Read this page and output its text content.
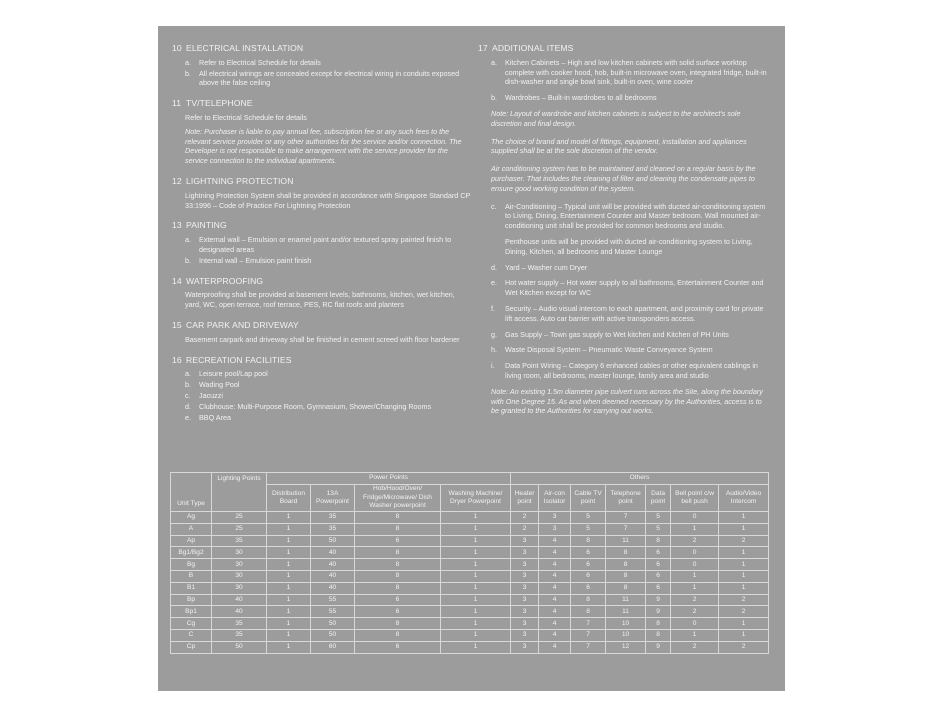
10 ELECTRICAL INSTALLATION
a.	Refer to Electrical Schedule for details
b.	All electrical wirings are concealed except for electrical wiring in conduits exposed above the false ceiling
11 TV/TELEPHONE
Refer to Electrical Schedule for details
Note: Purchaser is liable to pay annual fee, subscription fee or any such fees to the relevant service provider or any other authorities for the service and/or connection. The Developer is not responsible to make arrangement with the service provider for the service connection to the individual apartments.
12 LIGHTNING PROTECTION
Lightning Protection System shall be provided in accordance with Singapore Standard CP 33:1996 – Code of Practice For Lightning Protection
13 PAINTING
a.	External wall – Emulsion or enamel paint and/or textured spray painted finish to designated areas
b.	Internal wall – Emulsion paint finish
14 WATERPROOFING
Waterproofing shall be provided at basement levels, bathrooms, kitchen, wet kitchen, yard, WC, open terrace, roof terrace, PES, RC flat roofs and planters
15 CAR PARK AND DRIVEWAY
Basement carpark and driveway shall be finished in cement screed with floor hardener
16 RECREATION FACILITIES
a.	Leisure pool/Lap pool
b.	Wading Pool
c.	Jacuzzi
d.	Clubhouse: Multi-Purpose Room, Gymnasium, Shower/Changing Rooms
e.	BBQ Area
17 ADDITIONAL ITEMS
a.	Kitchen Cabinets – High and low kitchen cabinets with solid surface worktop complete with cooker hood, hob, built-in microwave oven, integrated fridge, built-in dish-washer and single bowl sink, built-in oven, wine cooler
b.	Wardrobes – Built-in wardrobes to all bedrooms
Note: Layout of wardrobe and kitchen cabinets is subject to the architect's sole discretion and final design.
The choice of brand and model of fittings, equipment, installation and appliances supplied shall be at the sole discretion of the vendor.
Air conditioning system has to be maintained and cleaned on a regular basis by the purchaser. That includes the cleaning of filter and cleaning the condensate pipes to ensure good working condition of the system.
c.	Air-Conditioning – Typical unit will be provided with ducted air-conditioning system to Living, Dining, Entertainment Counter and Master bedroom. Wall mounted air-conditioning unit shall be provided for common bedrooms and studio.
Penthouse units will be provided with ducted air-conditioning system to Living, Dining, Kitchen, all bedrooms and Master Lounge
d.	Yard – Washer cum Dryer
e.	Hot water supply – Hot water supply to all bathrooms, Entertainment Counter and Wet Kitchen except for WC
f.	Security – Audio visual intercom to each apartment, and proximity card for private lift access. Auto car barrier with active transponders access.
g.	Gas Supply – Town gas supply to Wet kitchen and Kitchen of PH Units
h.	Waste Disposal System – Pneumatic Waste Conveyance System
i.	Data Point Wiring – Category 6 enhanced cables or other equivalent cablings in living room, all bedrooms, master lounge, family area and studio
Note: An existing 1.5m diameter pipe culvert runs across the Site, along the boundary with One Degree 15. As and when deemed necessary by the Authorities, access is to be granted to the Authorities for carrying out works.
Unit Type	Lighting Points	Power Points				Others						
		Distribution Board	13A Powerpoint	Hob/Hood/Oven/ Fridge/Microwave/ Dish Washer powerpoint	Washing Machine/ Dryer Powerpoint	Heater point	Air-con Isolator	Cable TV point	Telephone point	Data point	Bell point c/w bell push	Audio/Video Intercom
Ag	25	1	35	8	1	2	3	5	7	5	0	1
A	25	1	35	8	1	2	3	5	7	5	1	1
Ap	35	1	50	6	1	3	4	8	11	8	2	2
Bg1/Bg2	30	1	40	8	1	3	4	6	8	6	0	1
Bg	30	1	40	8	1	3	4	6	8	6	0	1
B	30	1	40	8	1	3	4	6	8	6	1	1
B1	30	1	40	8	1	3	4	6	8	6	1	1
Bp	40	1	55	6	1	3	4	8	11	9	2	2
Bp1	40	1	55	6	1	3	4	8	11	9	2	2
Cg	35	1	50	8	1	3	4	7	10	8	0	1
C	35	1	50	8	1	3	4	7	10	8	1	1
Cp	50	1	60	6	1	3	4	7	12	9	2	2
